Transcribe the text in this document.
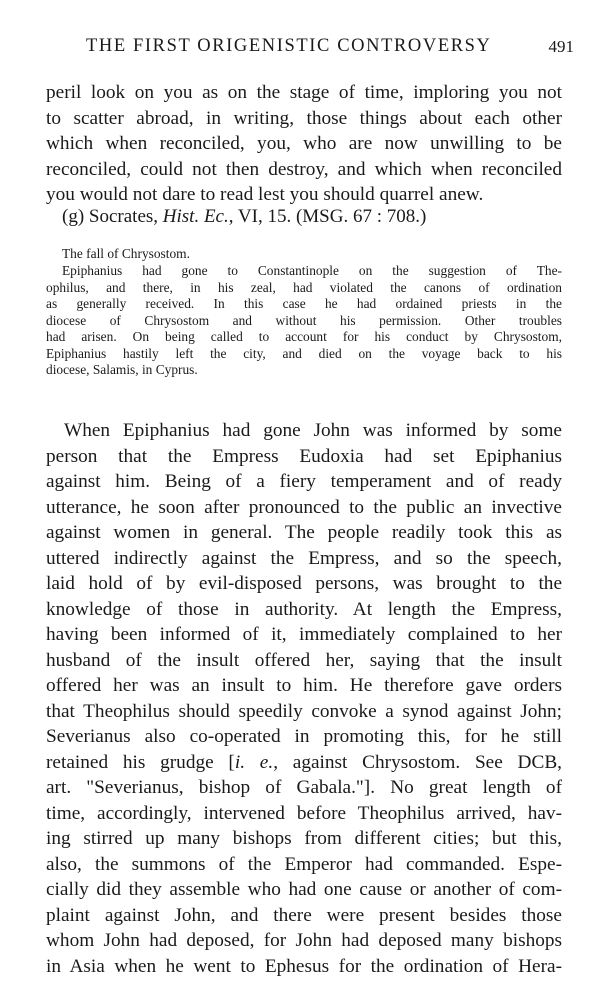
THE FIRST ORIGENISTIC CONTROVERSY	491
peril look on you as on the stage of time, imploring you not
to scatter abroad, in writing, those things about each other
which when reconciled, you, who are now unwilling to be
reconciled, could not then destroy, and which when reconciled
you would not dare to read lest you should quarrel anew.
(g) Socrates, Hist. Ec., VI, 15. (MSG. 67 : 708.)
The fall of Chrysostom.
Epiphanius had gone to Constantinople on the suggestion of The-
ophilus, and there, in his zeal, had violated the canons of ordination
as generally received. In this case he had ordained priests in the
diocese of Chrysostom and without his permission. Other troubles
had arisen. On being called to account for his conduct by Chrysostom,
Epiphanius hastily left the city, and died on the voyage back to his
diocese, Salamis, in Cyprus.
When Epiphanius had gone John was informed by some
person that the Empress Eudoxia had set Epiphanius
against him. Being of a fiery temperament and of ready
utterance, he soon after pronounced to the public an invective
against women in general. The people readily took this as
uttered indirectly against the Empress, and so the speech,
laid hold of by evil-disposed persons, was brought to the
knowledge of those in authority. At length the Empress,
having been informed of it, immediately complained to her
husband of the insult offered her, saying that the insult
offered her was an insult to him. He therefore gave orders
that Theophilus should speedily convoke a synod against John;
Severianus also co-operated in promoting this, for he still
retained his grudge [i. e., against Chrysostom. See DCB,
art. "Severianus, bishop of Gabala."]. No great length of
time, accordingly, intervened before Theophilus arrived, hav-
ing stirred up many bishops from different cities; but this,
also, the summons of the Emperor had commanded. Espe-
cially did they assemble who had one cause or another of com-
plaint against John, and there were present besides those
whom John had deposed, for John had deposed many bishops
in Asia when he went to Ephesus for the ordination of Hera-
